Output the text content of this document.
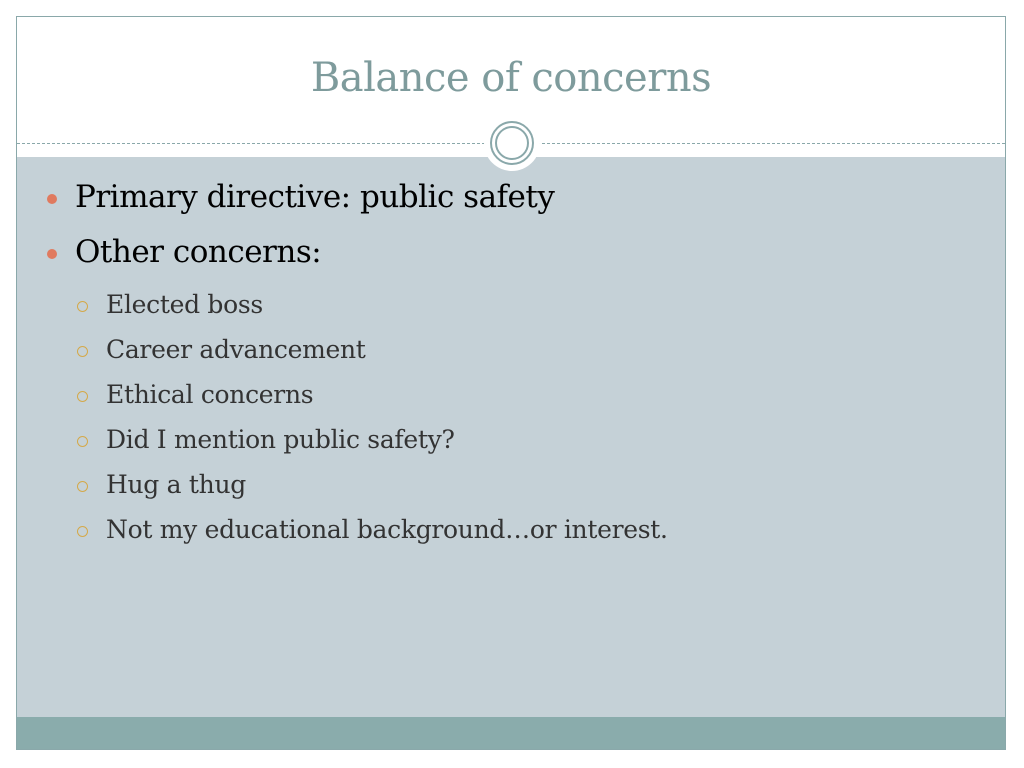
Balance of concerns
Primary directive: public safety
Other concerns:
Elected boss
Career advancement
Ethical concerns
Did I mention public safety?
Hug a thug
Not my educational background…or interest.
